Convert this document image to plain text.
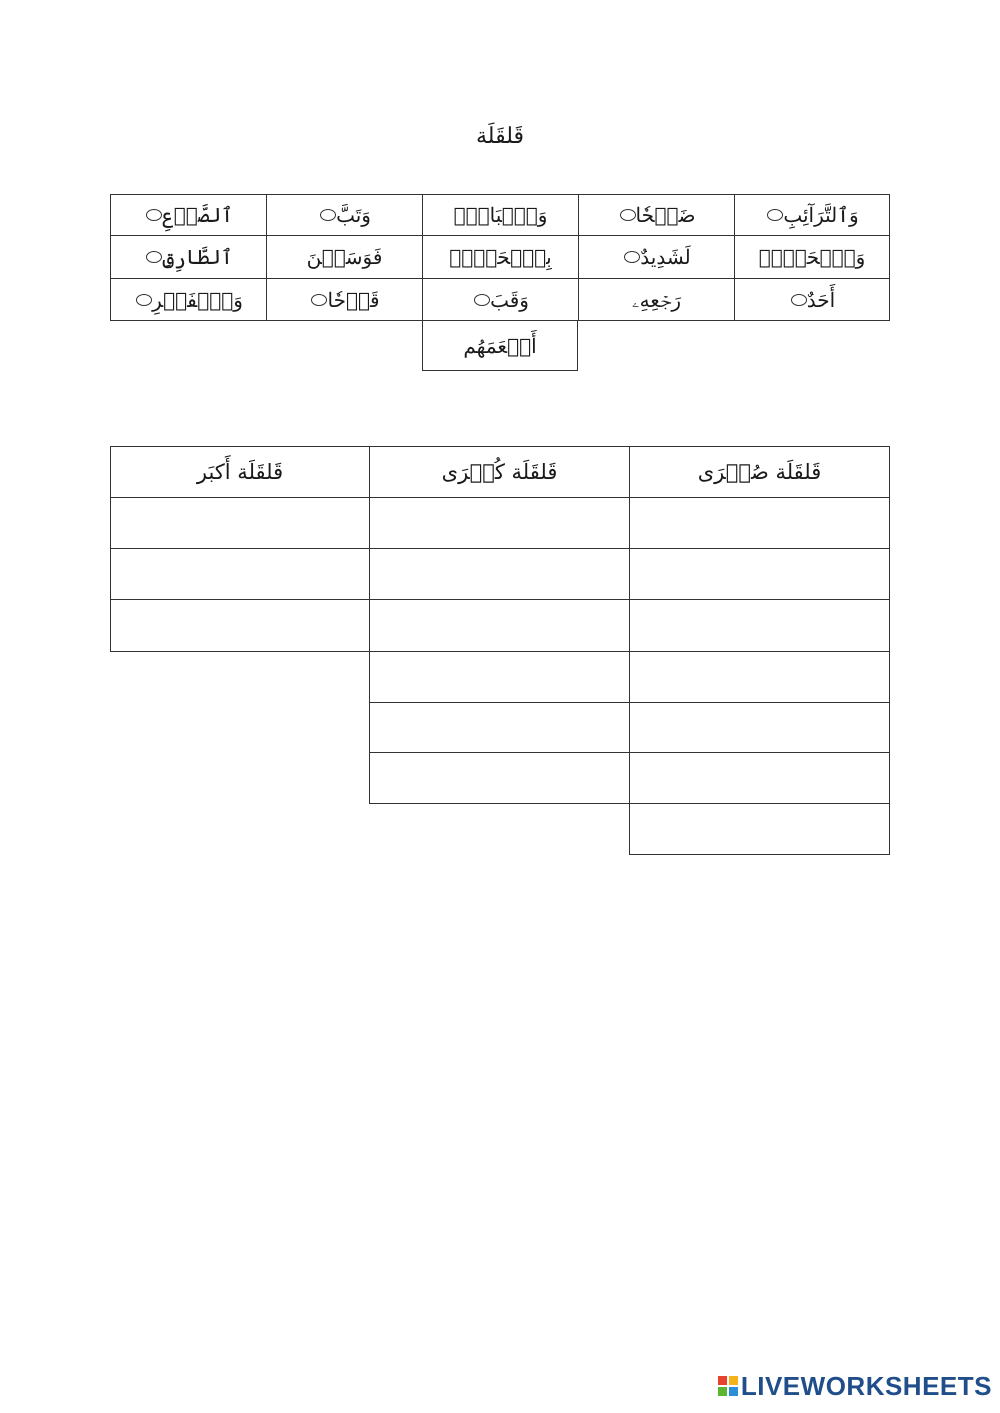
قَلقَلَة
وَٱلتَّرَآئِبِ
ضَبۡحٗا
وَٱلۡبَادِۚ
وَتَبَّ
ٱلصَّدۡعِ
وَٱلۡحَجِّۚ
لَشَدِيدٌ
بِٱلۡحَقِّۗ
فَوَسَطۡنَ
ٱلطَّارِقِ
أَحَدٌ
رَجۡعِهِۦ
وَقَبَ
قَدۡحٗا
وَٱلۡفَجۡرِ
أَطۡعَمَهُم
قَلقَلَة صُغۡرَى
قَلقَلَة كُبۡرَى
قَلقَلَة أَكبَر
LIVEWORKSHEETS
